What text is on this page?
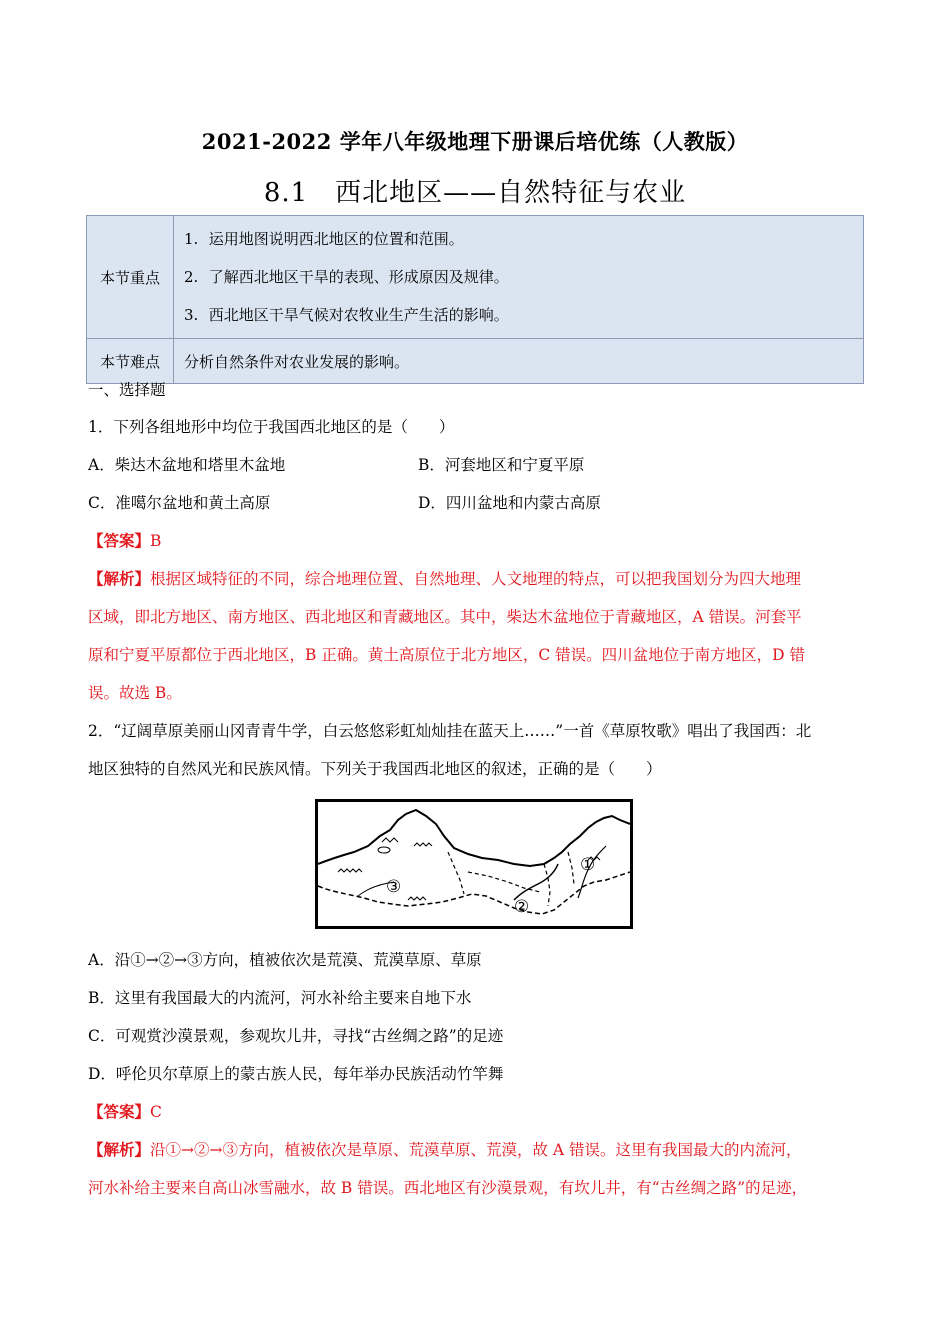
2021-2022 学年八年级地理下册课后培优练（人教版）
8.1　西北地区——自然特征与农业
本节重点	1. 运用地图说明西北地区的位置和范围。
2. 了解西北地区干旱的表现、形成原因及规律。
3. 西北地区干旱气候对农牧业生产生活的影响。

本节难点	分析自然条件对农业发展的影响。
一、选择题
1．下列各组地形中均位于我国西北地区的是（　　）
A．柴达木盆地和塔里木盆地	B．河套地区和宁夏平原
C．准噶尔盆地和黄土高原	D．四川盆地和内蒙古高原
【答案】B
【解析】根据区域特征的不同，综合地理位置、自然地理、人文地理的特点，可以把我国划分为四大地理
区域，即北方地区、南方地区、西北地区和青藏地区。其中，柴达木盆地位于青藏地区，A 错误。河套平
原和宁夏平原都位于西北地区，B 正确。黄土高原位于北方地区，C 错误。四川盆地位于南方地区，D 错
误。故选 B。
2．“辽阔草原美丽山冈青青牛学，白云悠悠彩虹灿灿挂在蓝天上……”一首《草原牧歌》唱出了我国西：北
地区独特的自然风光和民族风情。下列关于我国西北地区的叙述，正确的是（　　）
③
②
①
A．沿①→②→③方向，植被依次是荒漠、荒漠草原、草原
B．这里有我国最大的内流河，河水补给主要来自地下水
C．可观赏沙漠景观，参观坎儿井，寻找“古丝绸之路”的足迹
D．呼伦贝尔草原上的蒙古族人民，每年举办民族活动竹竿舞
【答案】C
【解析】沿①→②→③方向，植被依次是草原、荒漠草原、荒漠，故 A 错误。这里有我国最大的内流河，
河水补给主要来自高山冰雪融水，故 B 错误。西北地区有沙漠景观，有坎儿井，有“古丝绸之路”的足迹，
